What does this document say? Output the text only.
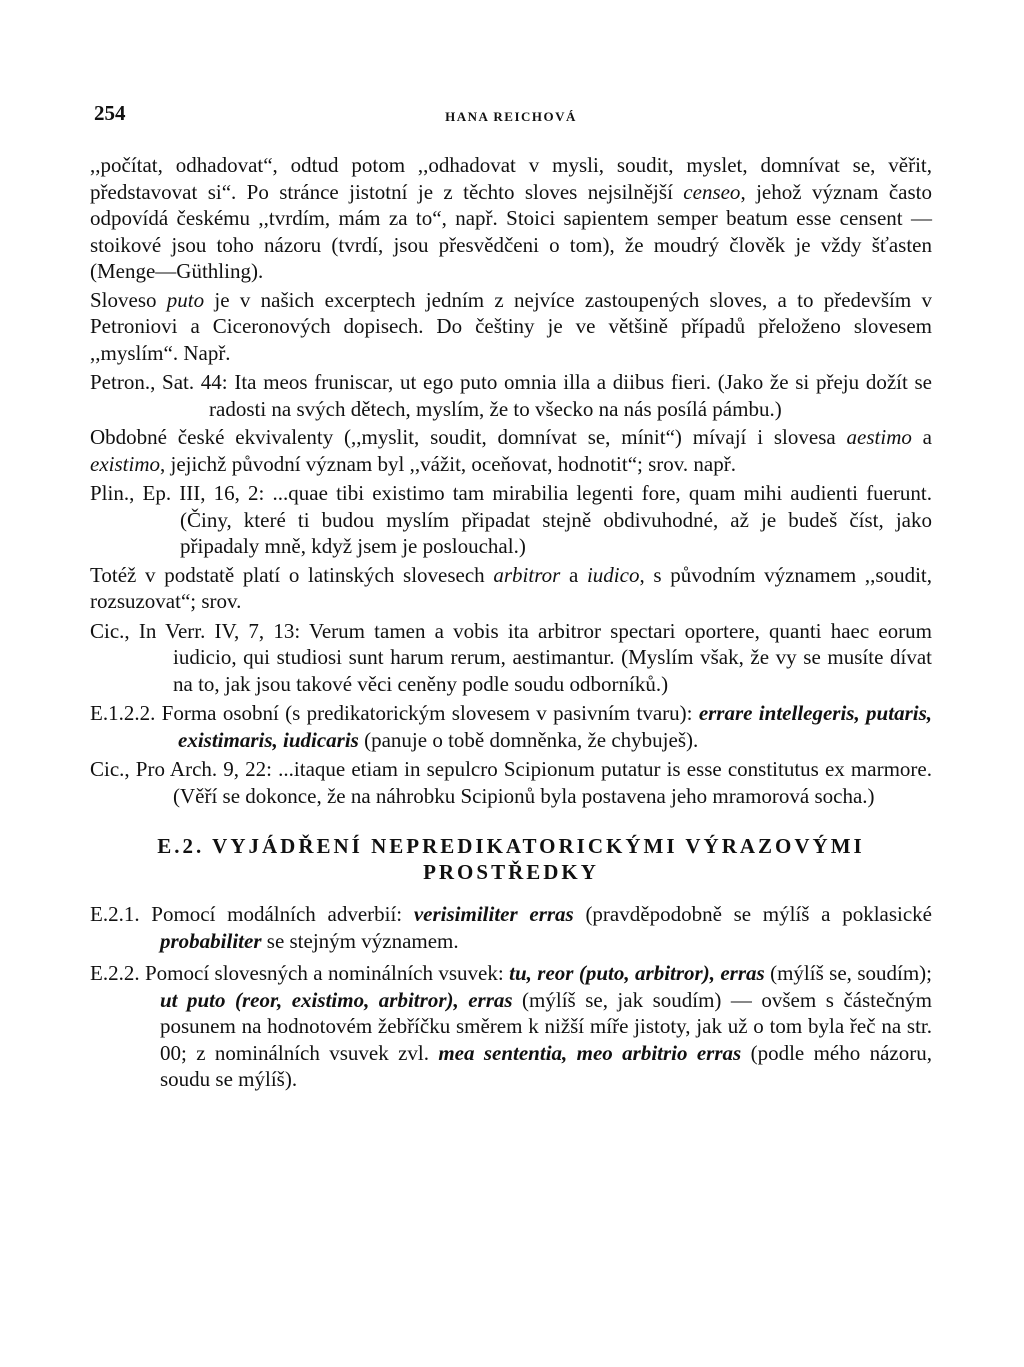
254	HANA REICHOVÁ

,,počítat, odhadovat“, odtud potom ,,odhadovat v mysli, soudit, myslet, domnívat se, věřit, představovat si“. Po stránce jistotní je z těchto sloves nejsilnější censeo, jehož význam často odpovídá českému ,,tvrdím, mám za to“, např. Stoici sapientem semper beatum esse censent — stoikové jsou toho názoru (tvrdí, jsou přesvědčeni o tom), že moudrý člověk je vždy šťasten (Menge—Güthling).

Sloveso puto je v našich excerptech jedním z nejvíce zastoupených sloves, a to především v Petroniovi a Ciceronových dopisech. Do češtiny je ve většině případů přeloženo slovesem ,,myslím“. Např.

Petron., Sat. 44: Ita meos fruniscar, ut ego puto omnia illa a diibus fieri. (Jako že si přeju dožít se radosti na svých dětech, myslím, že to všecko na nás posílá pámbu.)

Obdobné české ekvivalenty (,,myslit, soudit, domnívat se, mínit“) mívají i slovesa aestimo a existimo, jejichž původní význam byl ,,vážit, oceňovat, hodnotit“; srov. např.

Plin., Ep. III, 16, 2: ...quae tibi existimo tam mirabilia legenti fore, quam mihi audienti fuerunt. (Činy, které ti budou myslím připadat stejně obdivuhodné, až je budeš číst, jako připadaly mně, když jsem je poslouchal.)

Totéž v podstatě platí o latinských slovesech arbitror a iudico, s původním významem ,,soudit, rozsuzovat“; srov.

Cic., In Verr. IV, 7, 13: Verum tamen a vobis ita arbitror spectari oportere, quanti haec eorum iudicio, qui studiosi sunt harum rerum, aestimantur. (Myslím však, že vy se musíte dívat na to, jak jsou takové věci ceněny podle soudu odborníků.)

E.1.2.2. Forma osobní (s predikatorickým slovesem v pasivním tvaru): errare intellegeris, putaris, existimaris, iudicaris (panuje o tobě domněnka, že chybuješ).

Cic., Pro Arch. 9, 22: ...itaque etiam in sepulcro Scipionum putatur is esse constitutus ex marmore. (Věří se dokonce, že na náhrobku Scipionů byla postavena jeho mramorová socha.)

E.2. VYJÁDŘENÍ NEPREDIKATORICKÝMI VÝRAZOVÝMI
PROSTŘEDKY

E.2.1. Pomocí modálních adverbií: verisimiliter erras (pravděpodobně se mýlíš a poklasické probabiliter se stejným významem.

E.2.2. Pomocí slovesných a nominálních vsuvek: tu, reor (puto, arbitror), erras (mýlíš se, soudím); ut puto (reor, existimo, arbitror), erras (mýlíš se, jak soudím) — ovšem s částečným posunem na hodnotovém žebříčku směrem k nižší míře jistoty, jak už o tom byla řeč na str. 00; z nominálních vsuvek zvl. mea sententia, meo arbitrio erras (podle mého názoru, soudu se mýlíš).
